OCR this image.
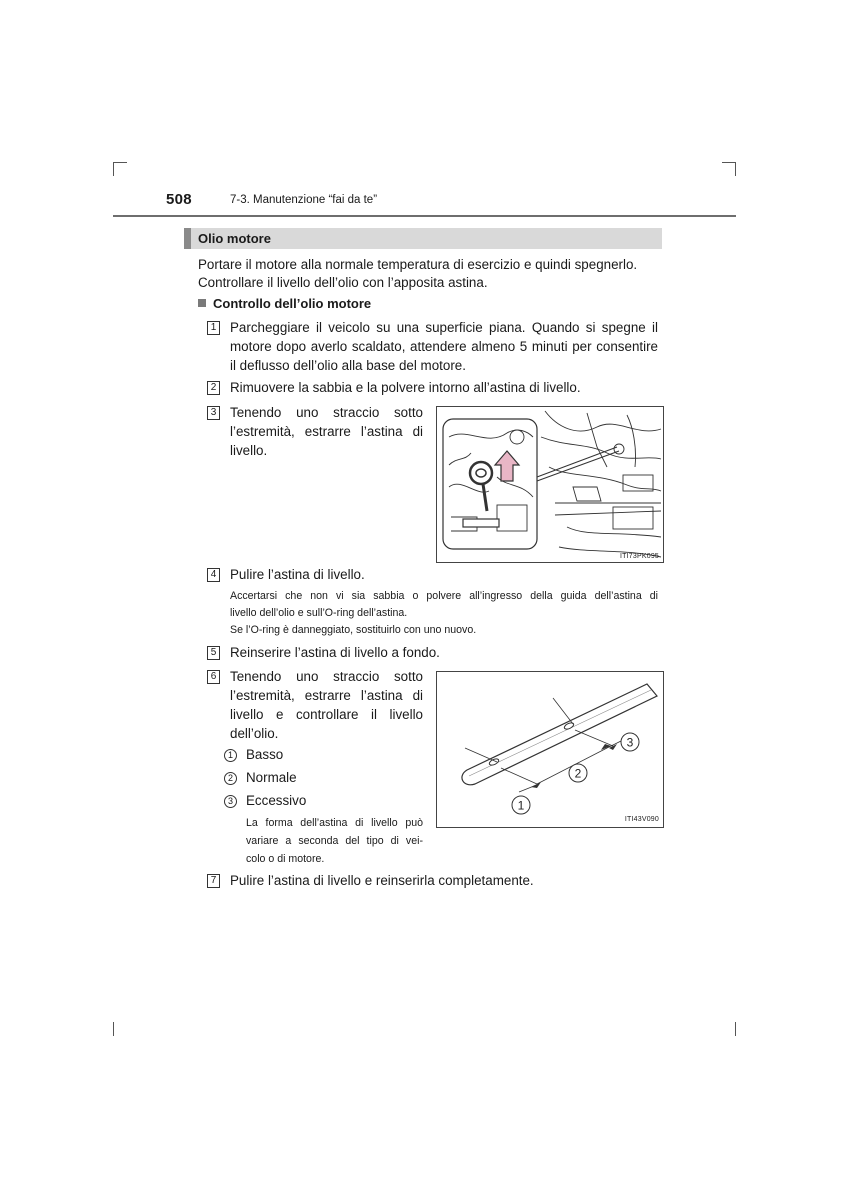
508	7-3. Manutenzione “fai da te”
Olio motore
Portare il motore alla normale temperatura di esercizio e quindi spegnerlo.
Controllare il livello dell’olio con l’apposita astina.
Controllo dell’olio motore
1 Parcheggiare il veicolo su una superficie piana. Quando si spegne il
motore dopo averlo scaldato, attendere almeno 5 minuti per consentire
il deflusso dell’olio alla base del motore.
2 Rimuovere la sabbia e la polvere intorno all’astina di livello.
3 Tenendo uno straccio sotto
l’estremità, estrarre l’astina di
livello.
ITI73PK095
4 Pulire l’astina di livello.
Accertarsi che non vi sia sabbia o polvere all’ingresso della guida dell’astina di
livello dell’olio e sull’O-ring dell’astina.
Se l’O-ring è danneggiato, sostituirlo con uno nuovo.
5 Reinserire l’astina di livello a fondo.
6 Tenendo uno straccio sotto
l’estremità, estrarre l’astina di
livello e controllare il livello
dell’olio.
1 Basso
2 Normale
3 Eccessivo
La forma dell’astina di livello può
variare a seconda del tipo di vei-
colo o di motore.
1
2
3
ITI43V090
7 Pulire l’astina di livello e reinserirla completamente.
